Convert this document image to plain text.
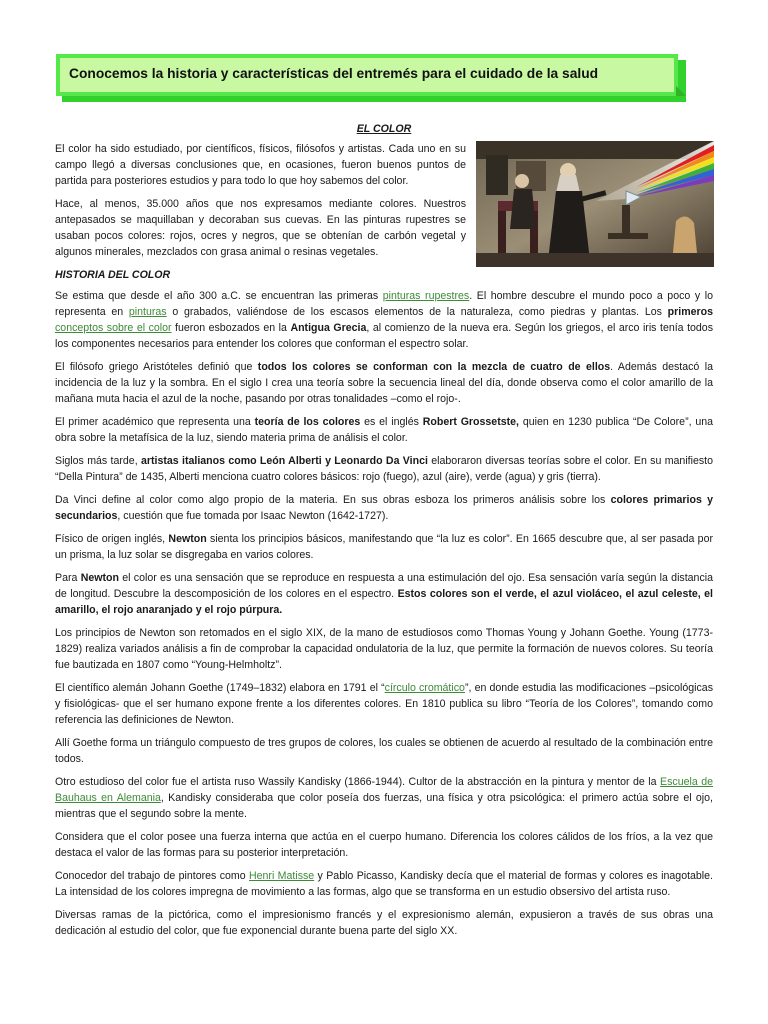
Conocemos la historia y características del entremés para el cuidado de la salud
EL COLOR

El color ha sido estudiado, por científicos, físicos, filósofos y artistas. Cada uno en su campo llegó a diversas conclusiones que, en ocasiones, fueron buenos puntos de partida para posteriores estudios y para todo lo que hoy sabemos del color.

Hace, al menos, 35.000 años que nos expresamos mediante colores. Nuestros antepasados se maquillaban y decoraban sus cuevas. En las pinturas rupestres se usaban pocos colores: rojos, ocres y negros, que se obtenían de carbón vegetal y algunos minerales, mezclados con grasa animal o resinas vegetales.

HISTORIA DEL COLOR

Se estima que desde el año 300 a.C. se encuentran las primeras pinturas rupestres. El hombre descubre el mundo poco a poco y lo representa en pinturas o grabados, valiéndose de los escasos elementos de la naturaleza, como piedras y plantas. Los primeros conceptos sobre el color fueron esbozados en la Antigua Grecia, al comienzo de la nueva era. Según los griegos, el arco iris tenía todos los componentes necesarios para entender los colores que conforman el espectro solar.

El filósofo griego Aristóteles definió que todos los colores se conforman con la mezcla de cuatro de ellos. Además destacó la incidencia de la luz y la sombra. En el siglo I crea una teoría sobre la secuencia lineal del día, donde observa como el color amarillo de la mañana muta hacia el azul de la noche, pasando por otras tonalidades –como el rojo-.

El primer académico que representa una teoría de los colores es el inglés Robert Grossetste, quien en 1230 publica “De Colore”, una obra sobre la metafísica de la luz, siendo materia prima de análisis el color.

Siglos más tarde, artistas italianos como León Alberti y Leonardo Da Vinci elaboraron diversas teorías sobre el color. En su manifiesto “Della Pintura” de 1435, Alberti menciona cuatro colores básicos: rojo (fuego), azul (aire), verde (agua) y gris (tierra).

Da Vinci define al color como algo propio de la materia. En sus obras esboza los primeros análisis sobre los colores primarios y secundarios, cuestión que fue tomada por Isaac Newton (1642-1727).

Físico de origen inglés, Newton sienta los principios básicos, manifestando que “la luz es color”. En 1665 descubre que, al ser pasada por un prisma, la luz solar se disgregaba en varios colores.

Para Newton el color es una sensación que se reproduce en respuesta a una estimulación del ojo. Esa sensación varía según la distancia de longitud. Descubre la descomposición de los colores en el espectro. Estos colores son el verde, el azul violáceo, el azul celeste, el amarillo, el rojo anaranjado y el rojo púrpura.

Los principios de Newton son retomados en el siglo XIX, de la mano de estudiosos como Thomas Young y Johann Goethe. Young (1773-1829) realiza variados análisis a fin de comprobar la capacidad ondulatoria de la luz, que permite la formación de nuevos colores. Su teoría fue bautizada en 1807 como “Young-Helmholtz”.

El científico alemán Johann Goethe (1749–1832) elabora en 1791 el “círculo cromático”, en donde estudia las modificaciones –psicológicas y fisiológicas- que el ser humano expone frente a los diferentes colores. En 1810 publica su libro “Teoría de los Colores”, tomando como referencia las definiciones de Newton.

Allí Goethe forma un triángulo compuesto de tres grupos de colores, los cuales se obtienen de acuerdo al resultado de la combinación entre todos.

Otro estudioso del color fue el artista ruso Wassily Kandisky (1866-1944). Cultor de la abstracción en la pintura y mentor de la Escuela de Bauhaus en Alemania, Kandisky consideraba que color poseía dos fuerzas, una física y otra psicológica: el primero actúa sobre el ojo, mientras que el segundo sobre la mente.

Considera que el color posee una fuerza interna que actúa en el cuerpo humano. Diferencia los colores cálidos de los fríos, a la vez que destaca el valor de las formas para su posterior interpretación.

Conocedor del trabajo de pintores como Henri Matisse y Pablo Picasso, Kandisky decía que el material de formas y colores es inagotable. La intensidad de los colores impregna de movimiento a las formas, algo que se transforma en un estudio obsersivo del artista ruso.

Diversas ramas de la pictórica, como el impresionismo francés y el expresionismo alemán, expusieron a través de sus obras una dedicación al estudio del color, que fue exponencial durante buena parte del siglo XX.
